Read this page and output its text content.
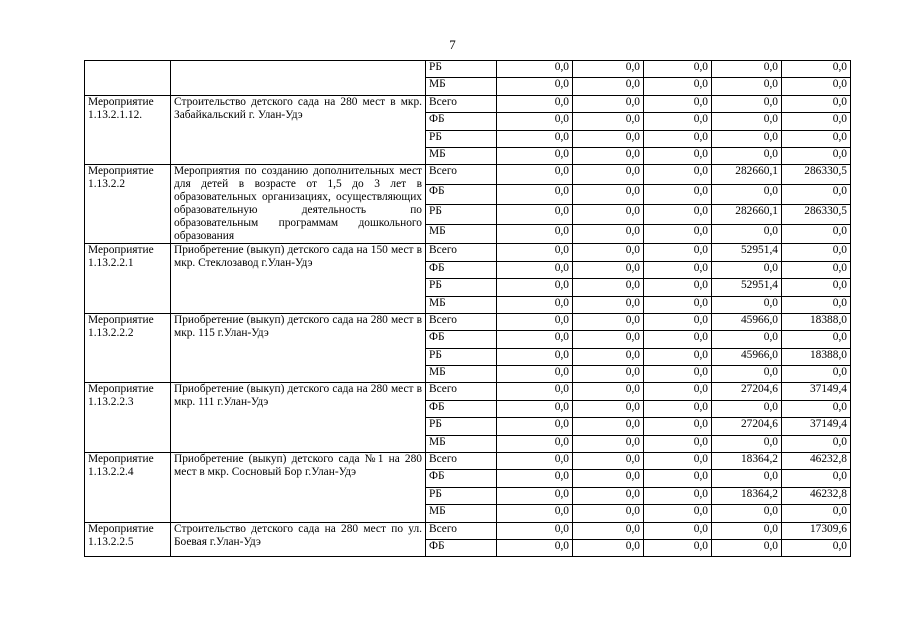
7
		РБ	0,0	0,0	0,0	0,0	0,0
		МБ	0,0	0,0	0,0	0,0	0,0
Мероприятие 1.13.2.1.12.	Строительство детского сада на 280 мест в мкр. Забайкальский г. Улан-Удэ	Всего	0,0	0,0	0,0	0,0	0,0
		ФБ	0,0	0,0	0,0	0,0	0,0
		РБ	0,0	0,0	0,0	0,0	0,0
		МБ	0,0	0,0	0,0	0,0	0,0
Мероприятие 1.13.2.2	Мероприятия по созданию дополнительных мест для детей в возрасте от 1,5 до 3 лет в образовательных организациях, осуществляющих образовательную деятельность по образовательным программам дошкольного образования	Всего	0,0	0,0	0,0	282660,1	286330,5
		ФБ	0,0	0,0	0,0	0,0	0,0
		РБ	0,0	0,0	0,0	282660,1	286330,5
		МБ	0,0	0,0	0,0	0,0	0,0
Мероприятие 1.13.2.2.1	Приобретение (выкуп) детского сада на 150 мест в мкр. Стеклозавод г.Улан-Удэ	Всего	0,0	0,0	0,0	52951,4	0,0
		ФБ	0,0	0,0	0,0	0,0	0,0
		РБ	0,0	0,0	0,0	52951,4	0,0
		МБ	0,0	0,0	0,0	0,0	0,0
Мероприятие 1.13.2.2.2	Приобретение (выкуп) детского сада на 280 мест в мкр. 115 г.Улан-Удэ	Всего	0,0	0,0	0,0	45966,0	18388,0
		ФБ	0,0	0,0	0,0	0,0	0,0
		РБ	0,0	0,0	0,0	45966,0	18388,0
		МБ	0,0	0,0	0,0	0,0	0,0
Мероприятие 1.13.2.2.3	Приобретение (выкуп) детского сада на 280 мест в мкр. 111 г.Улан-Удэ	Всего	0,0	0,0	0,0	27204,6	37149,4
		ФБ	0,0	0,0	0,0	0,0	0,0
		РБ	0,0	0,0	0,0	27204,6	37149,4
		МБ	0,0	0,0	0,0	0,0	0,0
Мероприятие 1.13.2.2.4	Приобретение (выкуп) детского сада №1 на 280 мест в мкр. Сосновый Бор г.Улан-Удэ	Всего	0,0	0,0	0,0	18364,2	46232,8
		ФБ	0,0	0,0	0,0	0,0	0,0
		РБ	0,0	0,0	0,0	18364,2	46232,8
		МБ	0,0	0,0	0,0	0,0	0,0
Мероприятие 1.13.2.2.5	Строительство детского сада на 280 мест по ул. Боевая г.Улан-Удэ	Всего	0,0	0,0	0,0	0,0	17309,6
		ФБ	0,0	0,0	0,0	0,0	0,0
